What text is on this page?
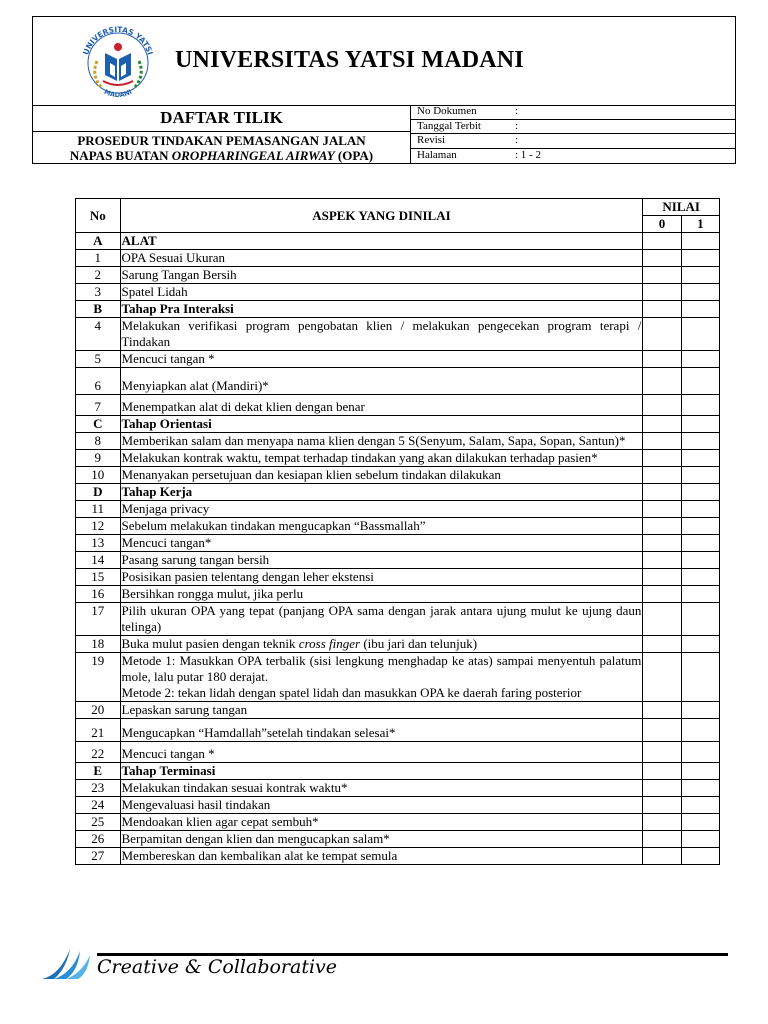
UNIVERSITAS YATSI
MADANI
UNIVERSITAS YATSI MADANI
DAFTAR TILIK
PROSEDUR TINDAKAN PEMASANGAN JALAN
NAPAS BUATAN OROPHARINGEAL AIRWAY (OPA)
No Dokumen	:
Tanggal Terbit	:
Revisi	:
Halaman	: 1 - 2
No	ASPEK YANG DINILAI	NILAI	
		0	1
A	ALAT		

1	OPA Sesuai Ukuran		

2	Sarung Tangan Bersih		

3	Spatel Lidah		

B	Tahap Pra Interaksi		

4	Melakukan verifikasi program pengobatan klien / melakukan pengecekan program terapi / Tindakan		

5	Mencuci tangan *		

6	Menyiapkan alat (Mandiri)*		

7	Menempatkan alat di dekat klien dengan benar		

C	Tahap Orientasi		

8	Memberikan salam dan menyapa nama klien dengan 5 S(Senyum, Salam, Sapa, Sopan, Santun)*		

9	Melakukan kontrak waktu, tempat terhadap tindakan yang akan dilakukan terhadap pasien*		

10	Menanyakan persetujuan dan kesiapan klien sebelum tindakan dilakukan		

D	Tahap Kerja		

11	Menjaga privacy		

12	Sebelum melakukan tindakan mengucapkan “Bassmallah”		

13	Mencuci tangan*		

14	Pasang sarung tangan bersih		

15	Posisikan pasien telentang dengan leher ekstensi		

16	Bersihkan rongga mulut, jika perlu		

17	Pilih ukuran OPA yang tepat (panjang OPA sama dengan jarak antara ujung mulut ke ujung daun telinga)		

18	Buka mulut pasien dengan teknik cross finger (ibu jari dan telunjuk)		
19	Metode 1: Masukkan OPA terbalik (sisi lengkung menghadap ke atas) sampai menyentuh palatum mole, lalu putar 180 derajat.
Metode 2: tekan lidah dengan spatel lidah dan masukkan OPA ke daerah faring posterior		

20	Lepaskan sarung tangan		

21	Mengucapkan “Hamdallah”setelah tindakan selesai*		

22	Mencuci tangan *		

E	Tahap Terminasi		

23	Melakukan tindakan sesuai kontrak waktu*		

24	Mengevaluasi hasil tindakan		

25	Mendoakan klien agar cepat sembuh*		

26	Berpamitan dengan klien dan mengucapkan salam*		

27	Membereskan dan kembalikan alat ke tempat semula		

Creative & Collaborative
